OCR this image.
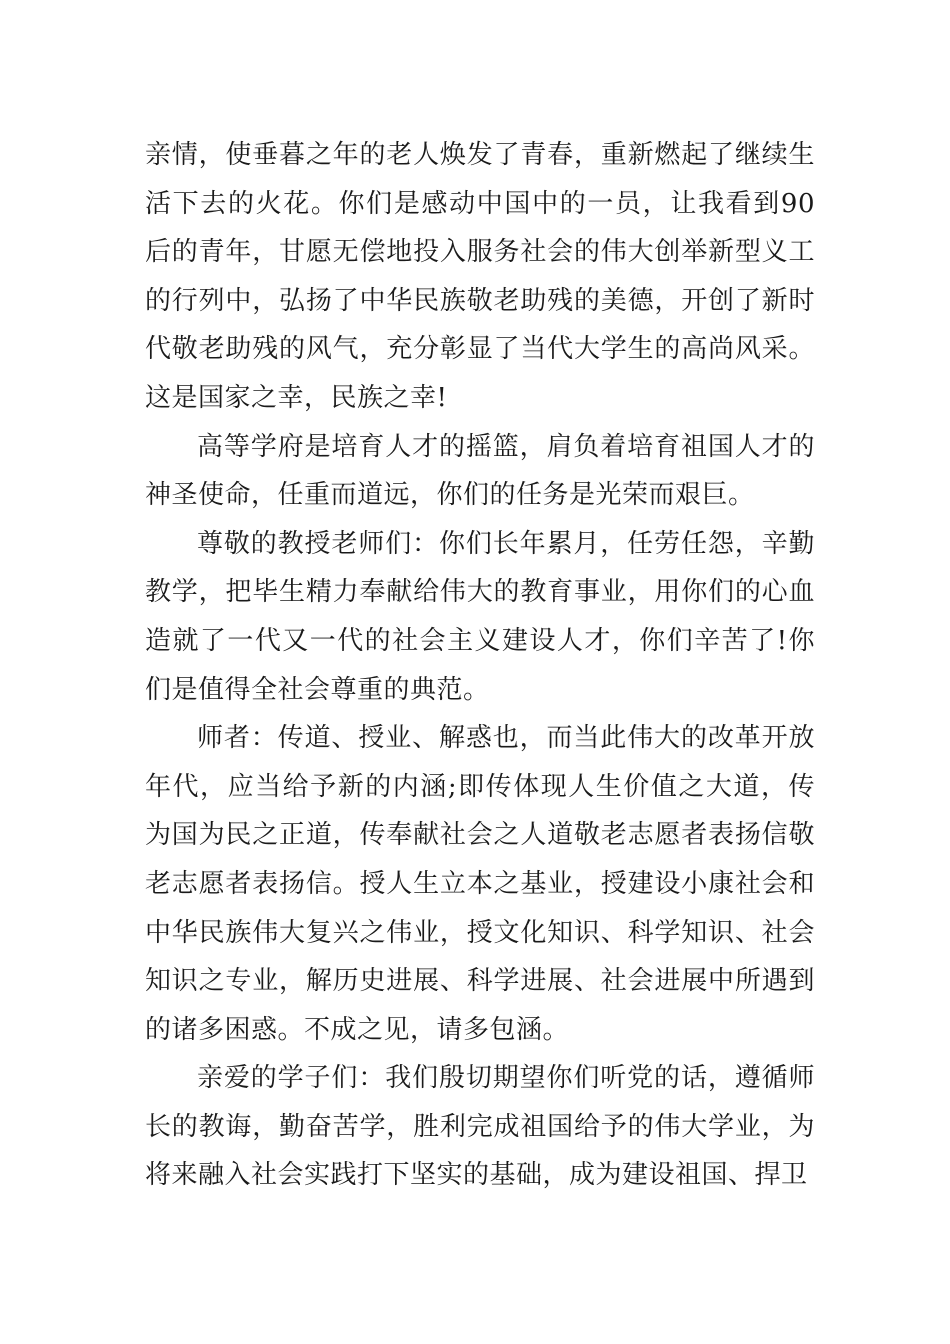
亲情，使垂暮之年的老人焕发了青春，重新燃起了继续生活下去的火花。你们是感动中国中的一员，让我看到90后的青年，甘愿无偿地投入服务社会的伟大创举新型义工的行列中，弘扬了中华民族敬老助残的美德，开创了新时代敬老助残的风气，充分彰显了当代大学生的高尚风采。这是国家之幸，民族之幸!

高等学府是培育人才的摇篮，肩负着培育祖国人才的神圣使命，任重而道远，你们的任务是光荣而艰巨。

尊敬的教授老师们：你们长年累月，任劳任怨，辛勤教学，把毕生精力奉献给伟大的教育事业，用你们的心血造就了一代又一代的社会主义建设人才，你们辛苦了!你们是值得全社会尊重的典范。

师者：传道、授业、解惑也，而当此伟大的改革开放年代，应当给予新的内涵;即传体现人生价值之大道，传为国为民之正道，传奉献社会之人道敬老志愿者表扬信敬老志愿者表扬信。授人生立本之基业，授建设小康社会和中华民族伟大复兴之伟业，授文化知识、科学知识、社会知识之专业，解历史进展、科学进展、社会进展中所遇到的诸多困惑。不成之见，请多包涵。

亲爱的学子们：我们殷切期望你们听党的话，遵循师长的教诲，勤奋苦学，胜利完成祖国给予的伟大学业，为将来融入社会实践打下坚实的基础，成为建设祖国、捍卫
